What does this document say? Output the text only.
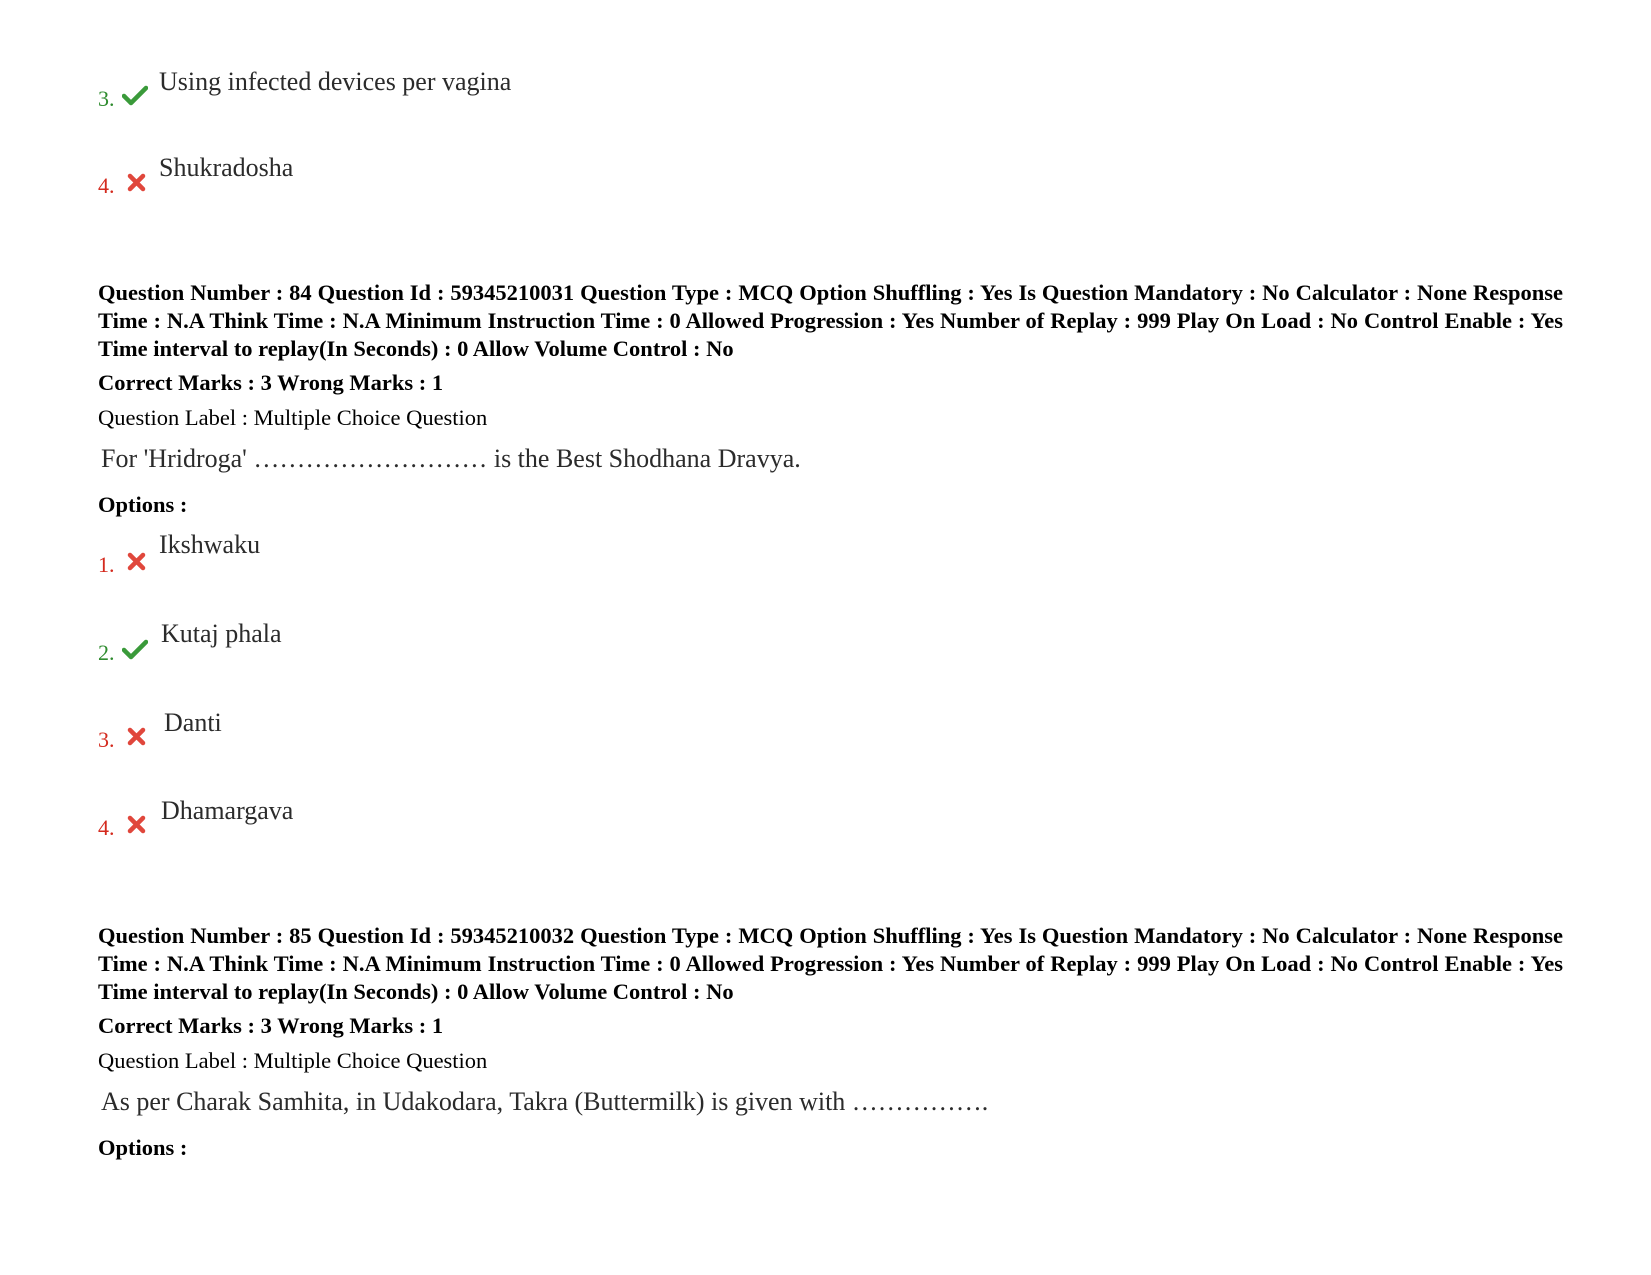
3.
Using infected devices per vagina
4.
Shukradosha
Question Number : 84 Question Id : 59345210031 Question Type : MCQ Option Shuffling : Yes Is Question Mandatory : No Calculator : None Response Time : N.A Think Time : N.A Minimum Instruction Time : 0 Allowed Progression : Yes Number of Replay : 999 Play On Load : No Control Enable : Yes Time interval to replay(In Seconds) : 0 Allow Volume Control : No
Correct Marks : 3 Wrong Marks : 1
Question Label : Multiple Choice Question
For 'Hridroga' ……………………… is the Best Shodhana Dravya.
Options :
1.
Ikshwaku
2.
Kutaj phala
3.
Danti
4.
Dhamargava
Question Number : 85 Question Id : 59345210032 Question Type : MCQ Option Shuffling : Yes Is Question Mandatory : No Calculator : None Response Time : N.A Think Time : N.A Minimum Instruction Time : 0 Allowed Progression : Yes Number of Replay : 999 Play On Load : No Control Enable : Yes Time interval to replay(In Seconds) : 0 Allow Volume Control : No
Correct Marks : 3 Wrong Marks : 1
Question Label : Multiple Choice Question
As per Charak Samhita, in Udakodara, Takra (Buttermilk) is given with …………….
Options :
